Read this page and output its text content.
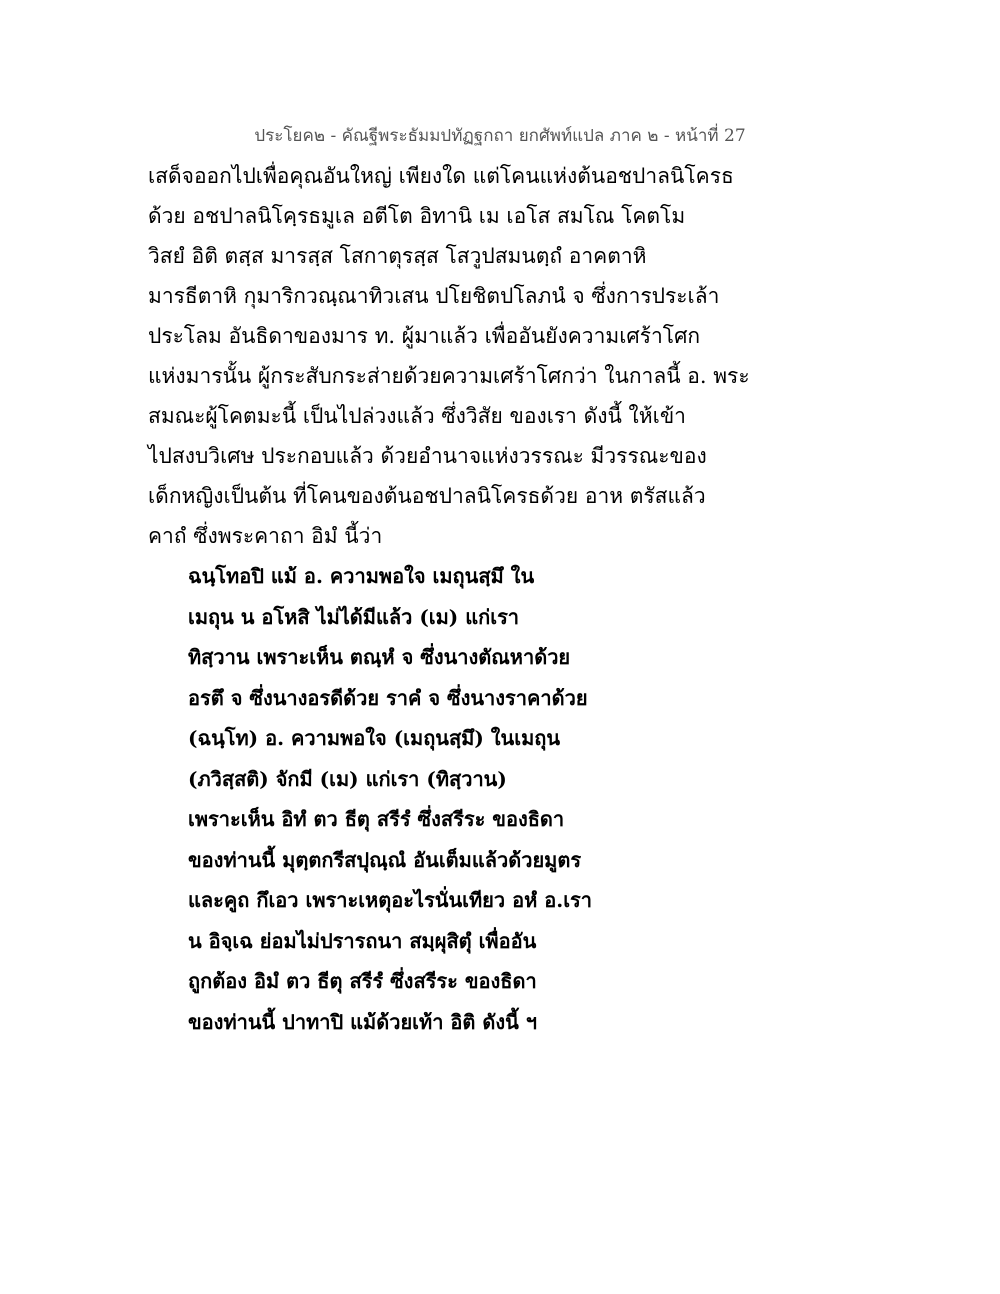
ประโยค๒ - คัณฐีพระธัมมปทัฏฐกถา ยกศัพท์แปล ภาค ๒ - หน้าที่ 27
เสด็จออกไปเพื่อคุณอันใหญ่ เพียงใด แต่โคนแห่งต้นอชปาลนิโครธ
ด้วย อชปาลนิโคฺรธมูเล อตีโต อิทานิ เม เอโส สมโณ โคตโม
วิสยํ อิติ ตสฺส มารสฺส โสกาตุรสฺส โสวูปสมนตฺถํ อาคตาหิ
มารธีตาหิ กุมาริกวณฺณาทิวเสน ปโยชิตปโลภนํ จ ซึ่งการประเล้า
ประโลม อันธิดาของมาร ท. ผู้มาแล้ว เพื่ออันยังความเศร้าโศก
แห่งมารนั้น ผู้กระสับกระส่ายด้วยความเศร้าโศกว่า ในกาลนี้ อ. พระ
สมณะผู้โคตมะนี้ เป็นไปล่วงแล้ว ซึ่งวิสัย ของเรา ดังนี้ ให้เข้า
ไปสงบวิเศษ ประกอบแล้ว ด้วยอำนาจแห่งวรรณะ มีวรรณะของ
เด็กหญิงเป็นต้น ที่โคนของต้นอชปาลนิโครธด้วย อาห ตรัสแล้ว
คาถํ ซึ่งพระคาถา อิมํ นี้ว่า
ฉนฺโทอปิ แม้ อ. ความพอใจ เมถุนสฺมึ ใน
เมถุน น อโหสิ ไม่ได้มีแล้ว (เม) แก่เรา
ทิสฺวาน เพราะเห็น ตณฺหํ จ ซึ่งนางตัณหาด้วย
อรตึ จ ซึ่งนางอรดีด้วย ราคํ จ ซึ่งนางราคาด้วย
(ฉนฺโท) อ. ความพอใจ (เมถุนสฺมึ) ในเมถุน
(ภวิสฺสติ) จักมี (เม) แก่เรา (ทิสฺวาน)
เพราะเห็น อิทํ ตว ธีตุ สรีรํ ซึ่งสรีระ ของธิดา
ของท่านนี้ มุตฺตกรีสปุณฺณํ อันเต็มแล้วด้วยมูตร
และคูถ กึเอว เพราะเหตุอะไรนั่นเทียว อหํ อ.เรา
น อิจฺเฉ ย่อมไม่ปรารถนา สมฺผุสิตุํ เพื่ออัน
ถูกต้อง อิมํ ตว ธีตุ สรีรํ ซึ่งสรีระ ของธิดา
ของท่านนี้ ปาทาปิ แม้ด้วยเท้า อิติ ดังนี้ ฯ
